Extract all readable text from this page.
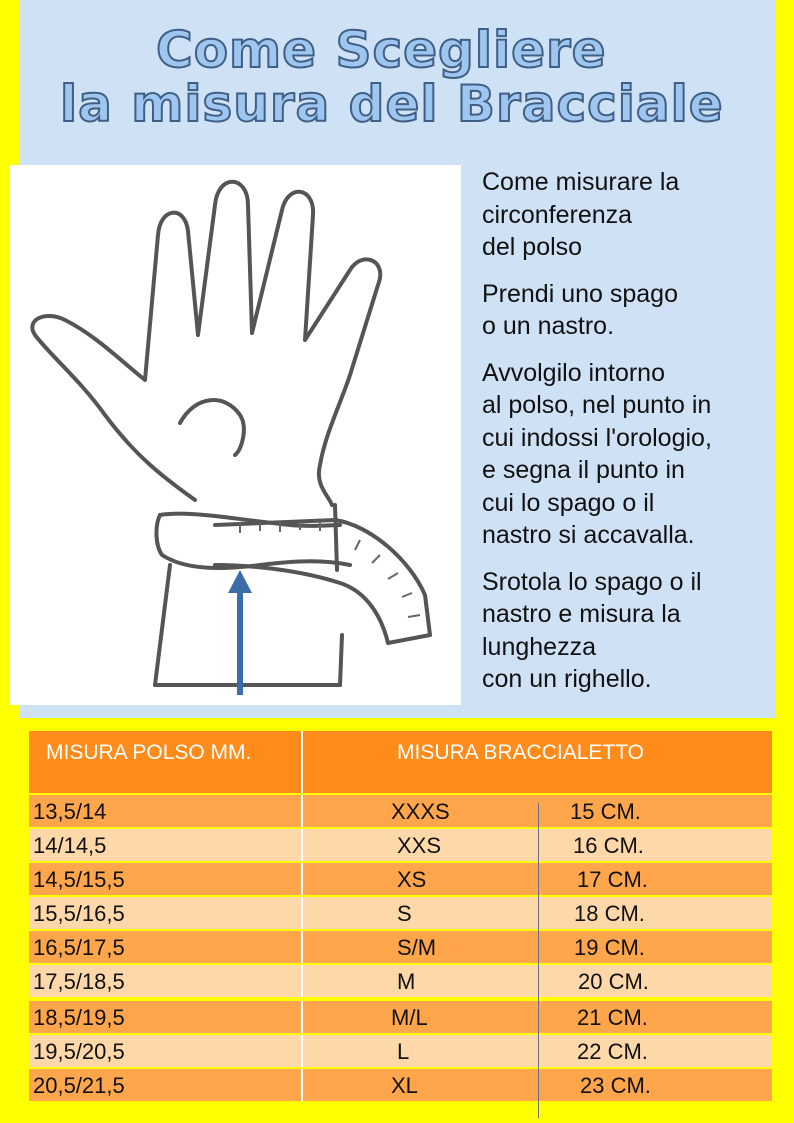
Come Scegliere
la misura del Bracciale

Come misurare la
circonferenza
del polso

Prendi uno spago
o un nastro.

Avvolgilo intorno
al polso, nel punto in
cui indossi l'orologio,
e segna il punto in
cui lo spago o il
nastro si accavalla.

Srotola lo spago o il
nastro e misura la
lunghezza
con un righello.

MISURA POLSO MM.	MISURA BRACCIALETTO
13,5/14	XXXS	15 CM.
14/14,5	XXS	16 CM.
14,5/15,5	XS	17 CM.
15,5/16,5	S	18 CM.
16,5/17,5	S/M	19 CM.
17,5/18,5	M	20 CM.
18,5/19,5	M/L	21 CM.
19,5/20,5	L	22 CM.
20,5/21,5	XL	23 CM.
